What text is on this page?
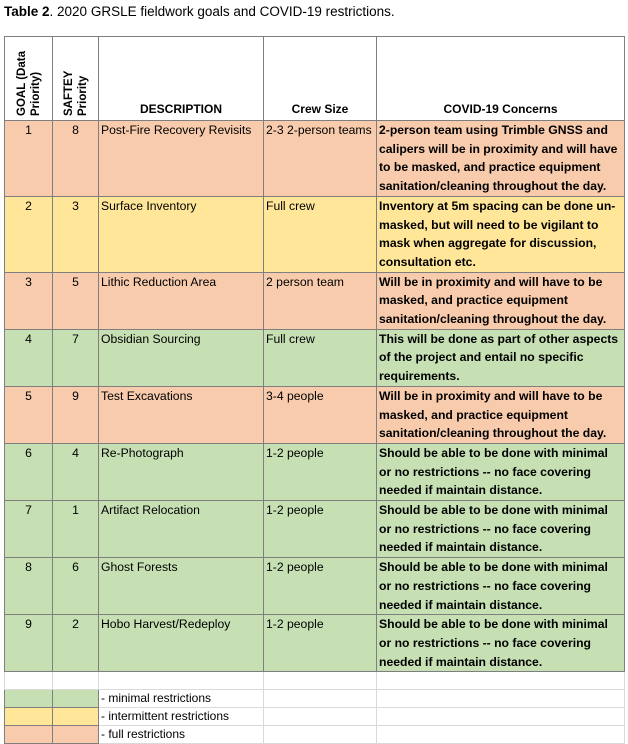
Table 2. 2020 GRSLE fieldwork goals and COVID-19 restrictions.
GOAL (Data Priority)	SAFTEY Priority	DESCRIPTION	Crew Size	COVID-19 Concerns
1	8	Post-Fire Recovery Revisits	2-3 2-person teams	2-person team using Trimble GNSS and calipers will be in proximity and will have to be masked, and practice equipment sanitation/cleaning throughout the day.
2	3	Surface Inventory	Full crew	Inventory at 5m spacing can be done un-masked, but will need to be vigilant to mask when aggregate for discussion, consultation etc.
3	5	Lithic Reduction Area	2 person team	Will be in proximity and will have to be masked, and practice equipment sanitation/cleaning throughout the day.
4	7	Obsidian Sourcing	Full crew	This will be done as part of other aspects of the project and entail no specific requirements.
5	9	Test Excavations	3-4 people	Will be in proximity and will have to be masked, and practice equipment sanitation/cleaning throughout the day.
6	4	Re-Photograph	1-2 people	Should be able to be done with minimal or no restrictions -- no face covering needed if maintain distance.
7	1	Artifact Relocation	1-2 people	Should be able to be done with minimal or no restrictions -- no face covering needed if maintain distance.
8	6	Ghost Forests	1-2 people	Should be able to be done with minimal or no restrictions -- no face covering needed if maintain distance.
9	2	Hobo Harvest/Redeploy	1-2 people	Should be able to be done with minimal or no restrictions -- no face covering needed if maintain distance.

		- minimal restrictions		
		- intermittent restrictions		
		- full restrictions		
